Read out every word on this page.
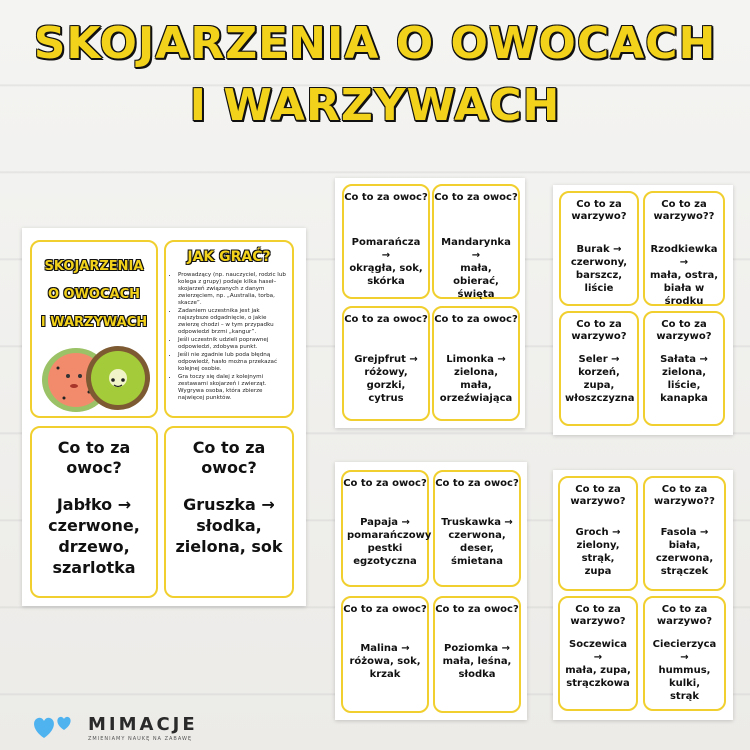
SKOJARZENIA O OWOCACH
I WARZYWACH
SKOJARZENIA
O OWOCACH
I WARZYWACH
JAK GRAĆ?
• Prowadzący (np. nauczyciel, rodzic lub kolega z grupy) podaje kilka haseł–skojarzeń związanych z danym zwierzęciem, np. „Australia, torba, skacze”.
• Zadaniem uczestnika jest jak najszybsze odgadnięcie, o jakie zwierzę chodzi – w tym przypadku odpowiedzi brzmi „kangur”.
• Jeśli uczestnik udzieli poprawnej odpowiedzi, zdobywa punkt.
• Jeśli nie zgadnie lub poda błędną odpowiedź, hasło można przekazać kolejnej osobie.
• Gra toczy się dalej z kolejnymi zestawami skojarzeń i zwierząt. Wygrywa osoba, która zbierze najwięcej punktów.
Co to za owoc?
Jabłko →
czerwone,
drzewo,
szarlotka
Co to za owoc?
Gruszka →
słodka,
zielona, sok
Co to za owoc?
Pomarańcza →
okrągła, sok,
skórka
Co to za owoc?
Mandarynka →
mała, obierać,
święta
Co to za owoc?
Grejpfrut →
różowy,
gorzki, cytrus
Co to za owoc?
Limonka →
zielona, mała,
orzeźwiająca
Co to za
warzywo?
Burak →
czerwony,
barszcz, liście
Co to za
warzywo??
Rzodkiewka →
mała, ostra,
biała w środku
Co to za
warzywo?
Seler →
korzeń, zupa,
włoszczyzna
Co to za
warzywo?
Sałata →
zielona, liście,
kanapka
Co to za owoc?
Papaja →
pomarańczowy
pestki
egzotyczna
Co to za owoc?
Truskawka →
czerwona,
deser,
śmietana
Co to za owoc?
Malina →
różowa, sok,
krzak
Co to za owoc?
Poziomka →
mała, leśna,
słodka
Co to za
warzywo?
Groch →
zielony, strąk,
zupa
Co to za
warzywo??
Fasola →
biała,
czerwona,
strączek
Co to za
warzywo?
Soczewica →
mała, zupa,
strączkowa
Co to za
warzywo?
Ciecierzyca →
hummus, kulki,
strąk
MIMACJE
ZMIENIAMY NAUKĘ NA ZABAWĘ
